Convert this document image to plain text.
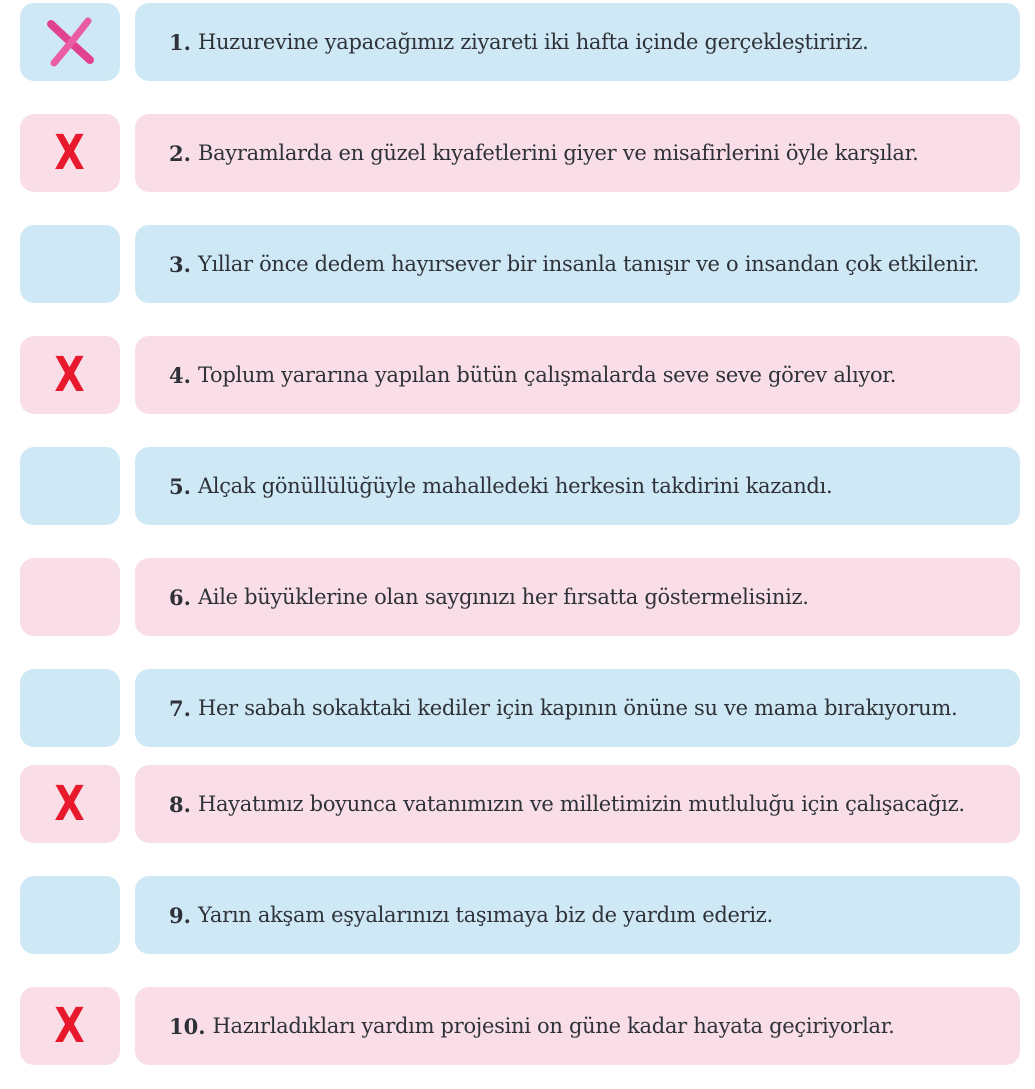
1. Huzurevine yapacağımız ziyareti iki hafta içinde gerçekleştiririz.
X	2. Bayramlarda en güzel kıyafetlerini giyer ve misafirlerini öyle karşılar.
3. Yıllar önce dedem hayırsever bir insanla tanışır ve o insandan çok etkilenir.
X	4. Toplum yararına yapılan bütün çalışmalarda seve seve görev alıyor.
5. Alçak gönüllülüğüyle mahalledeki herkesin takdirini kazandı.
6. Aile büyüklerine olan saygınızı her fırsatta göstermelisiniz.
7. Her sabah sokaktaki kediler için kapının önüne su ve mama bırakıyorum.
X	8. Hayatımız boyunca vatanımızın ve milletimizin mutluluğu için çalışacağız.
9. Yarın akşam eşyalarınızı taşımaya biz de yardım ederiz.
X	10. Hazırladıkları yardım projesini on güne kadar hayata geçiriyorlar.
